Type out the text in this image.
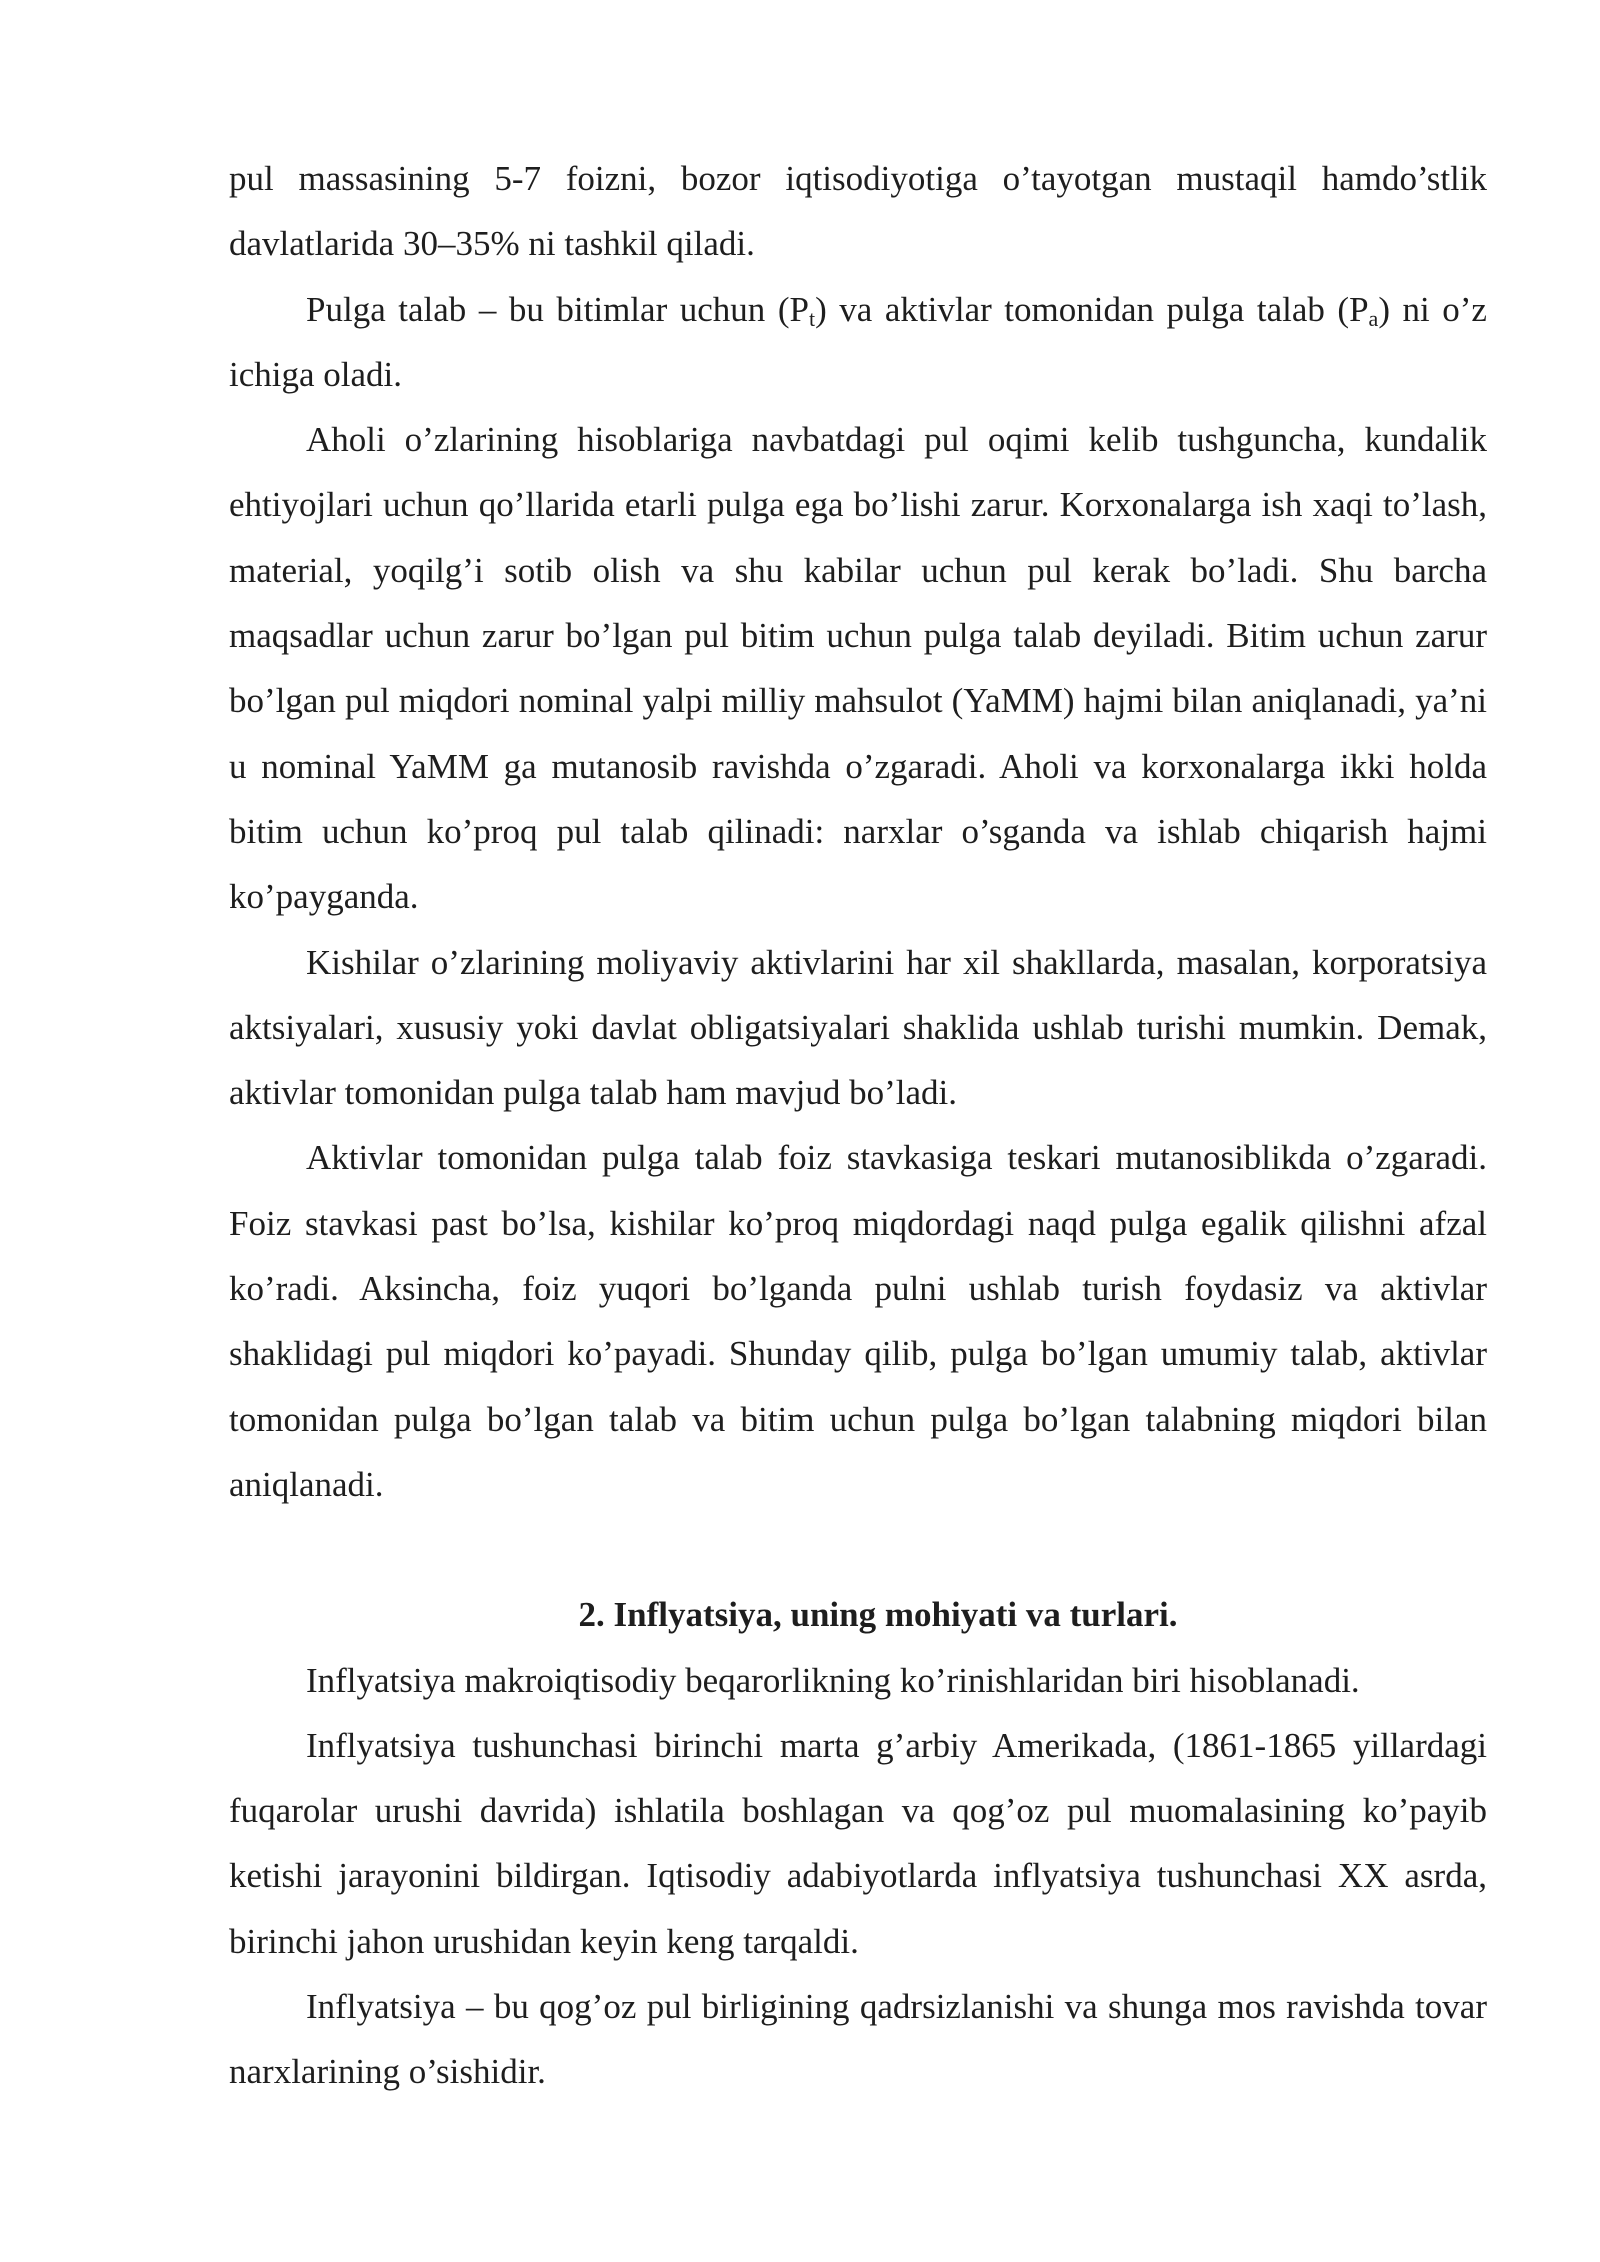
pul massasining 5-7 foizni, bozor iqtisodiyotiga o’tayotgan mustaqil hamdo’stlik davlatlarida 30–35% ni tashkil qiladi.

Pulga talab – bu bitimlar uchun $(P_t)$ va aktivlar tomonidan pulga talab $(P_a)$ ni o’z ichiga oladi.

Aholi o’zlarining hisoblariga navbatdagi pul oqimi kelib tushguncha, kundalik ehtiyojlari uchun qo’llarida etarli pulga ega bo’lishi zarur. Korxonalarga ish xaqi to’lash, material, yoqilg’i sotib olish va shu kabilar uchun pul kerak bo’ladi. Shu barcha maqsadlar uchun zarur bo’lgan pul bitim uchun pulga talab deyiladi. Bitim uchun zarur bo’lgan pul miqdori nominal yalpi milliy mahsulot (YaMM) hajmi bilan aniqlanadi, ya’ni u nominal YaMM ga mutanosib ravishda o’zgaradi. Aholi va korxonalarga ikki holda bitim uchun ko’proq pul talab qilinadi: narxlar o’sganda va ishlab chiqarish hajmi ko’payganda.

Kishilar o’zlarining moliyaviy aktivlarini har xil shakllarda, masalan, korporatsiya aktsiyalari, xususiy yoki davlat obligatsiyalari shaklida ushlab turishi mumkin. Demak, aktivlar tomonidan pulga talab ham mavjud bo’ladi.

Aktivlar tomonidan pulga talab foiz stavkasiga teskari mutanosiblikda o’zgaradi. Foiz stavkasi past bo’lsa, kishilar ko’proq miqdordagi naqd pulga egalik qilishni afzal ko’radi. Aksincha, foiz yuqori bo’lganda pulni ushlab turish foydasiz va aktivlar shaklidagi pul miqdori ko’payadi. Shunday qilib, pulga bo’lgan umumiy talab, aktivlar tomonidan pulga bo’lgan talab va bitim uchun pulga bo’lgan talabning miqdori bilan aniqlanadi.

2. Inflyatsiya, uning mohiyati va turlari.

Inflyatsiya makroiqtisodiy beqarorlikning ko’rinishlaridan biri hisoblanadi.

Inflyatsiya tushunchasi birinchi marta g’arbiy Amerikada, (1861-1865 yillardagi fuqarolar urushi davrida) ishlatila boshlagan va qog’oz pul muomalasining ko’payib ketishi jarayonini bildirgan. Iqtisodiy adabiyotlarda inflyatsiya tushunchasi XX asrda, birinchi jahon urushidan keyin keng tarqaldi.

Inflyatsiya – bu qog’oz pul birligining qadrsizlanishi va shunga mos ravishda tovar narxlarining o’sishidir.
